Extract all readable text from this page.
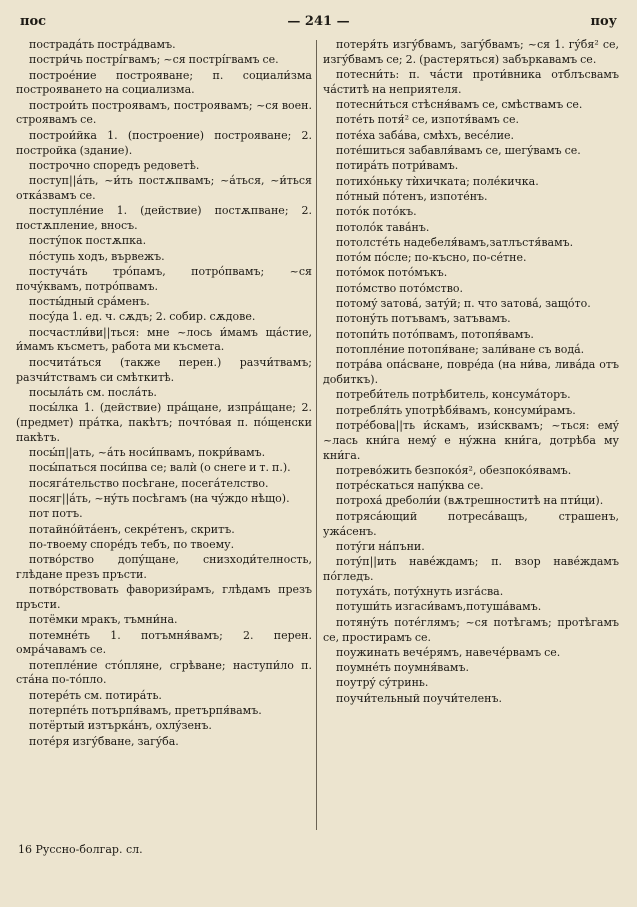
пос	— 241 —	поу

пострадáть пострáдвамъ.

постри́чь пострíгвамъ; ~ся пострíгвамъ се.

построéние построяване; п. социали́зма построяването на социализма.

построи́ть построявамъ, построявамъ; ~ся воен. строявамъ се.

построи́йка 1. (построение) построяване; 2. постройка (здание).

построчно споредъ редоветѣ.

поступ||áть, ~и́ть постѫпвамъ; ~áться, ~и́ться откáзвамъ се.

поступлéние 1. (действие) постѫпване; 2. постѫпление, вносъ.

посту́пок постѫпка.

по́ступь ходъ, вървежъ.

постучáть трóпамъ, потрóпвамъ; ~ся почýквамъ, потрóпвамъ.

посты́дный срáменъ.

посу́да 1. ед. ч. сѫдъ; 2. собир. сѫдове.

посчастли́ви||ться: мне ~лось и́мамъ щáстие, и́мамъ късметъ, работа ми късмета.

посчитáться (также перен.) разчи́твамъ; разчи́тствамъ си смѣткитѣ.

посылáть см. послáть.

посы́лка 1. (действие) прáщане, изпрáщане; 2. (предмет) прáтка, пакѣтъ; почтóвая п. пóщенски пакѣтъ.

посы́п||ать, ~áть носи́пвамъ, покри́вамъ.

посы́паться поси́пва се; валѝ (о снеге и т. п.).

посягáтельство посѣгане, посегáтелство.

посяг||áть, ~нýть посѣгамъ (на чýждо нѣщо).

пот потъ.

потайнóйтáенъ, секрéтенъ, скритъ.

по-твоему спорéдъ тебъ, по твоему.

потвóрство допýщане, снизходи́телность, глѣдане презъ пръсти.

потвóрствовать фаворизи́рамъ, глѣдамъ презъ пръсти.

потёмки мракъ, тъмни́на.

потемнéть 1. потъмня́вамъ; 2. перен. омрáчавамъ се.

потеплéние стóпляне, сгрѣване; наступи́ло п. стáна по-тóпло.

потерéть см. потирáть.

потерпéть потърпя́вамъ, претърпя́вамъ.

потёртый изтъркáнъ, охлýзенъ.

потéря изгýбване, загýба.

потеря́ть изгýбвамъ, загýбвамъ; ~ся 1. гýбя² се, изгýбвамъ се; 2. (растеряться) забъркавамъ се.

потесни́ть: п. чáсти проти́вника отблъсвамъ чáститѣ на неприятеля.

потесни́ться стѣсня́вамъ се, смѣствамъ се.

потéть потя́² се, изпотя́вамъ се.

потéха забáва, смѣхъ, весéлие.

потéшиться забавля́вамъ се, шегýвамъ се.

потирáть потри́вамъ.

потихóньку тѝхичката; полéкичка.

пóтный пóтенъ, изпотéнъ.

потóк потóкъ.

потолóк тавáнъ.

потолстéть надебеля́вамъ,затлъстя́вамъ.

потóм пóсле; по-късно, по-сéтне.

потóмок потóмъкъ.

потóмство потóмство.

потомý затовá, затýй; п. что затовá, защóто.

потонýть потъвамъ, затъвамъ.

потопи́ть потóпвамъ, потопя́вамъ.

потоплéние потопя́ване; зали́ване съ водá.

потрáва опáсване, поврéда (на ни́ва, ливáда отъ добиткъ).

потреби́тель потрѣбитель, консумáторъ.

потребля́ть употрѣбя́вамъ, консуми́рамъ.

потрéбова||ть и́скамъ, изи́сквамъ; ~ться: емý ~лась кни́га немý е нýжна кни́га, дотрѣба му кни́га.

потревóжить безпокóя², обезпокóявамъ.

потрéскаться напýква се.

потрохá дреболи́и (вѫтрешноститѣ на пти́ци).

потрясáющий потресáващъ, страшенъ, ужáсенъ.

потýги нáпъни.

потýп||ить навéждамъ; п. взор навéждамъ пóгледъ.

потухáть, потýхнуть изгáсва.

потуши́ть изгаси́вамъ,потушáвамъ.

потянýть потéглямъ; ~ся потѣгамъ; протѣгамъ се, простирамъ се.

поужинать вечéрямъ, навечéрвамъ се.

поумнéть поумня́вамъ.

поутрý сýтринь.

поучи́тельный поучи́теленъ.

16 Руссно-болгар. сл.
